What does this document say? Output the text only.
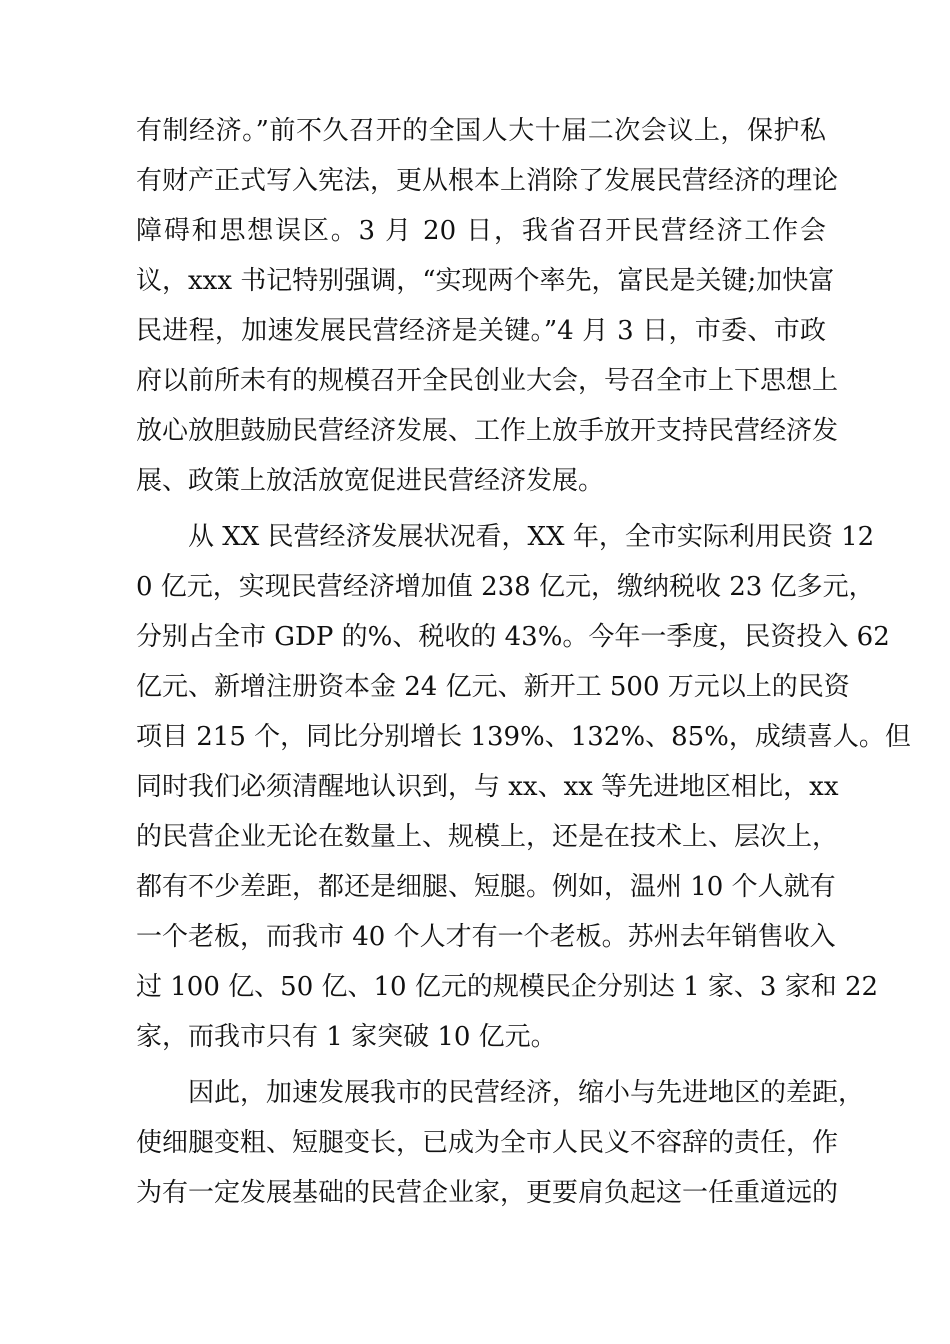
有制经济。”前不久召开的全国人大十届二次会议上，保护私
有财产正式写入宪法，更从根本上消除了发展民营经济的理论
障碍和思想误区。3 月 20 日，我省召开民营经济工作会
议，xxx 书记特别强调，“实现两个率先，富民是关键;加快富
民进程，加速发展民营经济是关键。”4 月 3 日，市委、市政
府以前所未有的规模召开全民创业大会，号召全市上下思想上
放心放胆鼓励民营经济发展、工作上放手放开支持民营经济发
展、政策上放活放宽促进民营经济发展。
从 XX 民营经济发展状况看，XX 年，全市实际利用民资 12
0 亿元，实现民营经济增加值 238 亿元，缴纳税收 23 亿多元，
分别占全市 GDP 的%、税收的 43%。今年一季度，民资投入 62
亿元、新增注册资本金 24 亿元、新开工 500 万元以上的民资
项目 215 个，同比分别增长 139%、132%、85%，成绩喜人。但
同时我们必须清醒地认识到，与 xx、xx 等先进地区相比，xx
的民营企业无论在数量上、规模上，还是在技术上、层次上，
都有不少差距，都还是细腿、短腿。例如，温州 10 个人就有
一个老板，而我市 40 个人才有一个老板。苏州去年销售收入
过 100 亿、50 亿、10 亿元的规模民企分别达 1 家、3 家和 22
家，而我市只有 1 家突破 10 亿元。
因此，加速发展我市的民营经济，缩小与先进地区的差距，
使细腿变粗、短腿变长，已成为全市人民义不容辞的责任，作
为有一定发展基础的民营企业家，更要肩负起这一任重道远的
